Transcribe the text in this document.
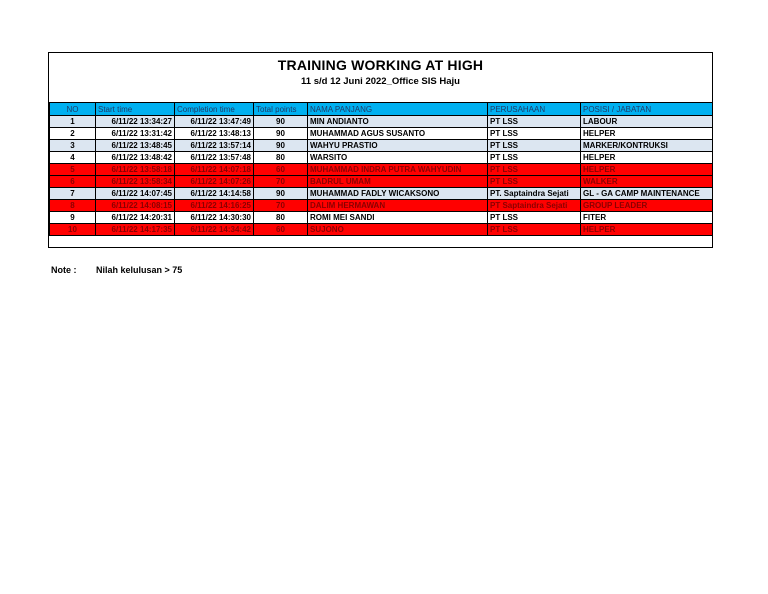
TRAINING WORKING AT HIGH
11 s/d 12 Juni 2022_Office SIS Haju
NO	Start time	Completion time	Total points	NAMA PANJANG	PERUSAHAAN	POSISI / JABATAN
1	6/11/22 13:34:27	6/11/22 13:47:49	90	MIN ANDIANTO	PT LSS	LABOUR
2	6/11/22 13:31:42	6/11/22 13:48:13	90	MUHAMMAD AGUS SUSANTO	PT LSS	HELPER
3	6/11/22 13:48:45	6/11/22 13:57:14	90	WAHYU PRASTIO	PT LSS	MARKER/KONTRUKSI
4	6/11/22 13:48:42	6/11/22 13:57:48	80	WARSITO	PT LSS	HELPER
5	6/11/22 13:58:18	6/11/22 14:07:18	60	MUHAMMAD INDRA PUTRA WAHYUDIN	PT LSS	HELPER
6	6/11/22 13:58:34	6/11/22 14:07:26	70	BADRUL UMAM	PT LSS	WALKER
7	6/11/22 14:07:45	6/11/22 14:14:58	90	MUHAMMAD FADLY WICAKSONO	PT. Saptaindra Sejati	GL - GA CAMP MAINTENANCE
8	6/11/22 14:08:15	6/11/22 14:16:25	70	DALIM HERMAWAN	PT Saptaindra Sejati	GROUP LEADER
9	6/11/22 14:20:31	6/11/22 14:30:30	80	ROMI MEI SANDI	PT LSS	FITER
10	6/11/22 14:17:35	6/11/22 14:34:42	60	SUJONO	PT LSS	HELPER
Note : Nilah kelulusan > 75
